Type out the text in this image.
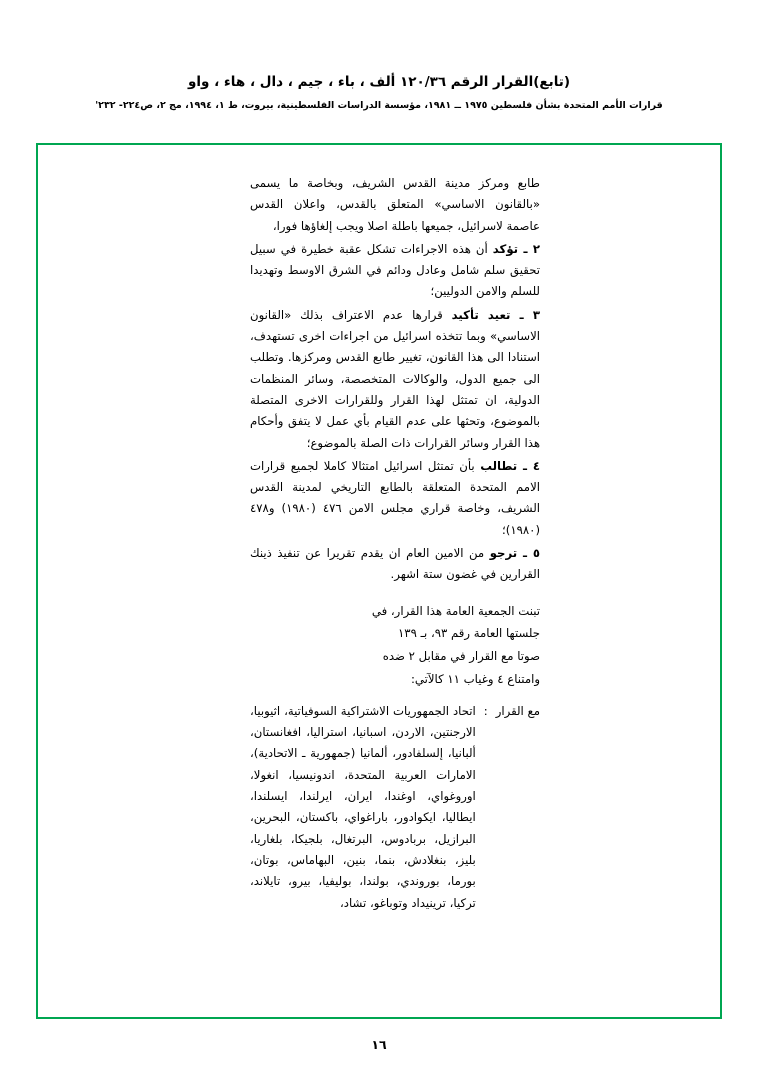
(تابع)القرار الرقم ١٢٠/٣٦ ألف ، باء ، جيم ، دال ، هاء ، واو
قرارات الأمم المتحدة بشأن فلسطين ١٩٧٥ ــ ١٩٨١، مؤسسة الدراسات الفلسطينية، بيروت، ط ١، ١٩٩٤، مج ٢، ص٢٢٤- ٢٣٢'

طابع ومركز مدينة القدس الشريف، وبخاصة ما يسمى «بالقانون الاساسي» المتعلق بالقدس، واعلان القدس عاصمة لاسرائيل، جميعها باطلة اصلا ويجب إلغاؤها فورا،

٢ ـ تؤكد أن هذه الاجراءات تشكل عقبة خطيرة في سبيل تحقيق سلم شامل وعادل ودائم في الشرق الاوسط وتهديدا للسلم والامن الدوليين؛

٣ ـ تعيد تأكيد قرارها عدم الاعتراف بذلك «القانون الاساسي» وبما تتخذه اسرائيل من اجراءات اخرى تستهدف، استنادا الى هذا القانون، تغيير طابع القدس ومركزها. وتطلب الى جميع الدول، والوكالات المتخصصة، وسائر المنظمات الدولية، ان تمتثل لهذا القرار وللقرارات الاخرى المتصلة بالموضوع، وتحثها على عدم القيام بأي عمل لا يتفق وأحكام هذا القرار وسائر القرارات ذات الصلة بالموضوع؛

٤ ـ تطالب بأن تمتثل اسرائيل امتثالا كاملا لجميع قرارات الامم المتحدة المتعلقة بالطابع التاريخي لمدينة القدس الشريف، وخاصة قراري مجلس الامن ٤٧٦ (١٩٨٠) و٤٧٨ (١٩٨٠)؛

٥ ـ ترجو من الامين العام ان يقدم تقريرا عن تنفيذ ذينك القرارين في غضون ستة اشهر.

تبنت الجمعية العامة هذا القرار، في

جلستها العامة رقم ٩٣، بـ ١٣٩

صوتا مع القرار في مقابل ٢ ضده

وامتناع ٤ وغياب ١١ كالآتي:

مع القرار
:
اتحاد الجمهوريات الاشتراكية السوفياتية، اثيوبيا، الارجنتين، الاردن، اسبانيا، استراليا، افغانستان، ألبانيا، إلسلفادور، ألمانيا (جمهورية ـ الاتحادية)، الامارات العربية المتحدة، اندونيسيا، انغولا، اوروغواي، اوغندا، ايران، ايرلندا، ايسلندا، ايطاليا، ايكوادور، باراغواي، باكستان، البحرين، البرازيل، بربادوس، البرتغال، بلجيكا، بلغاريا، بليز، بنغلادش، بنما، بنين، البهاماس، بوتان، بورما، بوروندي، بولندا، بوليفيا، بيرو، تايلاند، تركيا، ترينيداد وتوباغو، تشاد،
١٦
